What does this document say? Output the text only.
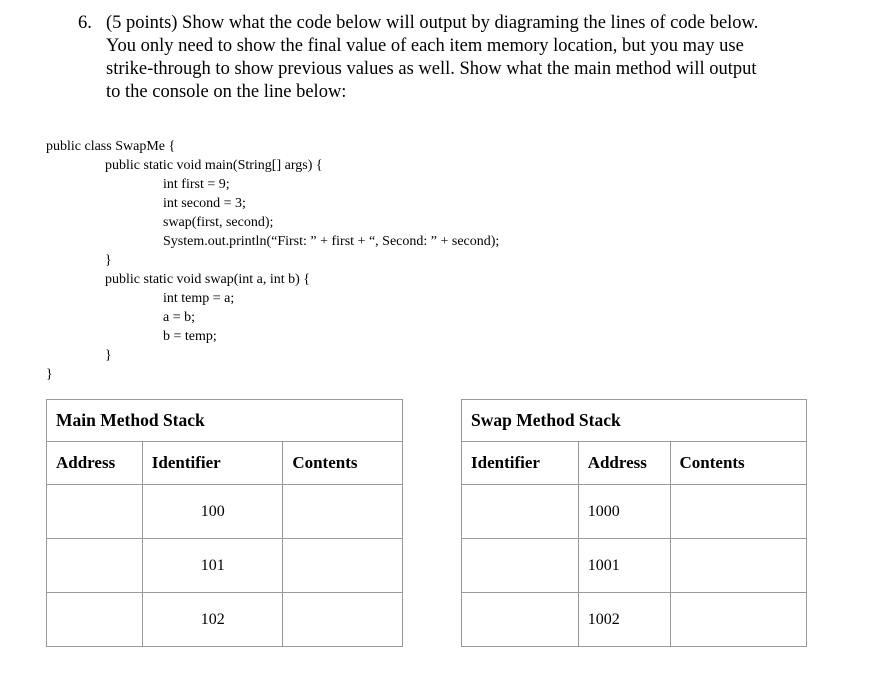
6. (5 points) Show what the code below will output by diagraming the lines of code below.
You only need to show the final value of each item memory location, but you may use
strike-through to show previous values as well. Show what the main method will output
to the console on the line below:
public class SwapMe {
public static void main(String[] args) {
int first = 9;
int second = 3;
swap(first, second);
System.out.println(“First: ” + first + “, Second: ” + second);
}
public static void swap(int a, int b) {
int temp = a;
a = b;
b = temp;
}
}
Main Method Stack		
Address	Identifier	Contents
	100	
	101	
	102	
Swap Method Stack		
Identifier	Address	Contents
	1000	
	1001	
	1002	
